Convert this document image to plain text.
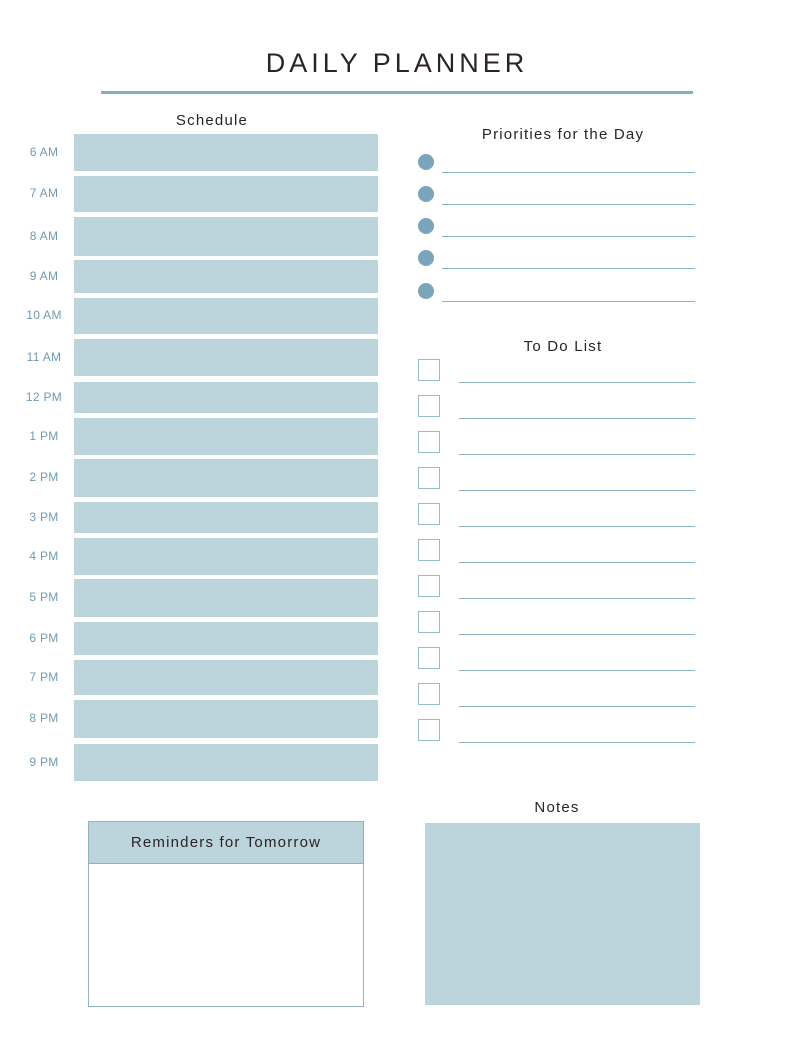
DAILY PLANNER
Schedule
6 AM
7 AM
8 AM
9 AM
10 AM
11 AM
12 PM
1 PM
2 PM
3 PM
4 PM
5 PM
6 PM
7 PM
8 PM
9 PM
Priorities for the Day
To Do List
Reminders for Tomorrow
Notes
